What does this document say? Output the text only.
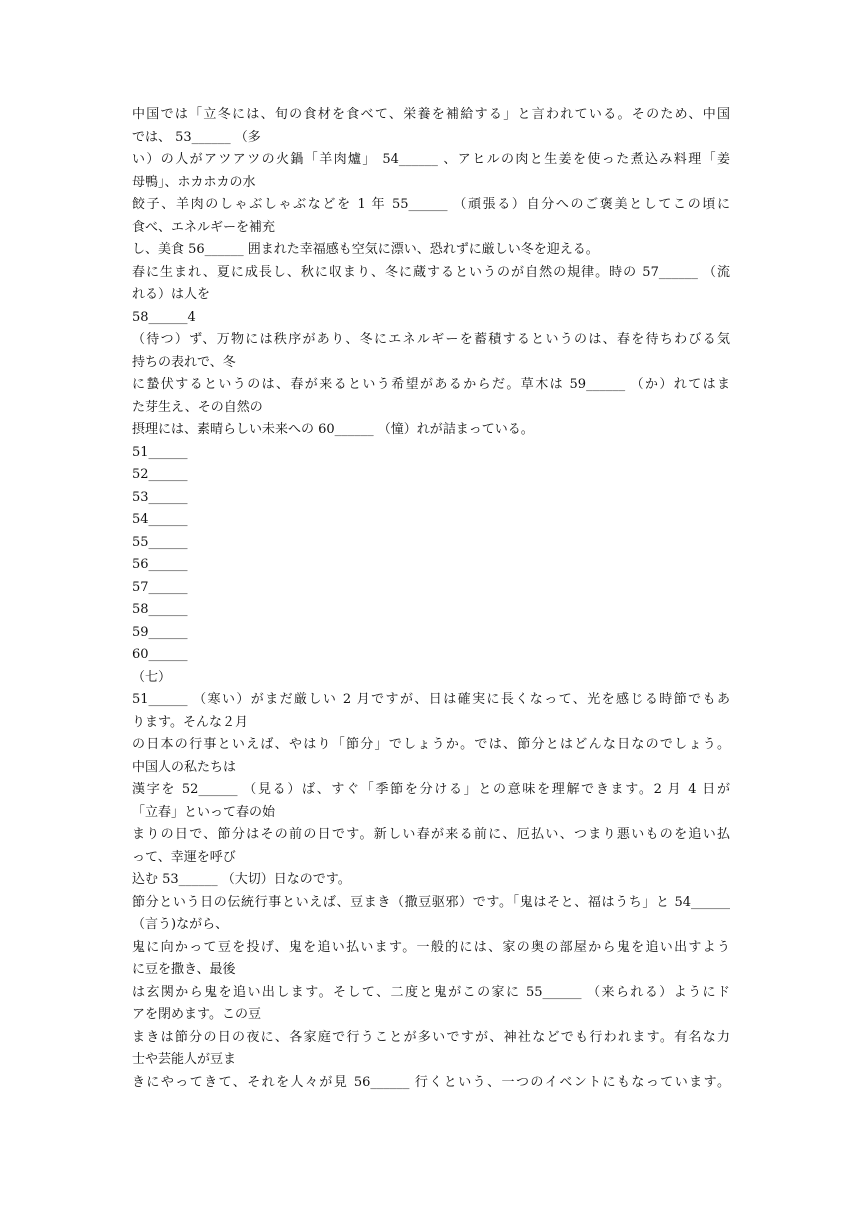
中国では「立冬には、旬の食材を食べて、栄養を補給する」と言われている。そのため、中国
では、 53______ （多
い）の人がアツアツの火鍋「羊肉爐」 54______ 、アヒルの肉と生姜を使った煮込み料理「姜
母鴨」、ホカホカの水
餃子、羊肉のしゃぶしゃぶなどを 1 年 55______ （頑張る）自分へのご褒美としてこの頃に
食べ、エネルギーを補充
し、美食 56______ 囲まれた幸福感も空気に漂い、恐れずに厳しい冬を迎える。
春に生まれ、夏に成長し、秋に収まり、冬に蔵するというのが自然の規律。時の 57______ （流
れる）は人を
58______4
（待つ）ず、万物には秩序があり、冬にエネルギーを蓄積するというのは、春を待ちわびる気
持ちの表れで、冬
に蟄伏するというのは、春が来るという希望があるからだ。草木は 59______ （か）れてはま
た芽生え、その自然の
摂理には、素晴らしい未来への 60______ （憧）れが詰まっている。
51______
52______
53______
54______
55______
56______
57______
58______
59______
60______
（七）
51______ （寒い）がまだ厳しい 2 月ですが、日は確実に長くなって、光を感じる時節でもあ
ります。そんな２月
の日本の行事といえば、やはり「節分」でしょうか。では、節分とはどんな日なのでしょう。
中国人の私たちは
漢字を 52______ （見る）ば、すぐ「季節を分ける」との意味を理解できます。2 月 4 日が
「立春」といって春の始
まりの日で、節分はその前の日です。新しい春が来る前に、厄払い、つまり悪いものを追い払
って、幸運を呼び
込む 53______ （大切）日なのです。
節分という日の伝統行事といえば、豆まき（撒豆驱邪）です。「鬼はそと、福はうち」と 54______
（言う)ながら、
鬼に向かって豆を投げ、鬼を追い払います。一般的には、家の奥の部屋から鬼を追い出すよう
に豆を撒き、最後
は玄関から鬼を追い出します。そして、二度と鬼がこの家に 55______ （来られる）ようにド
アを閉めます。この豆
まきは節分の日の夜に、各家庭で行うことが多いですが、神社などでも行われます。有名な力
士や芸能人が豆ま
きにやってきて、それを人々が見 56______ 行くという、一つのイベントにもなっています。
